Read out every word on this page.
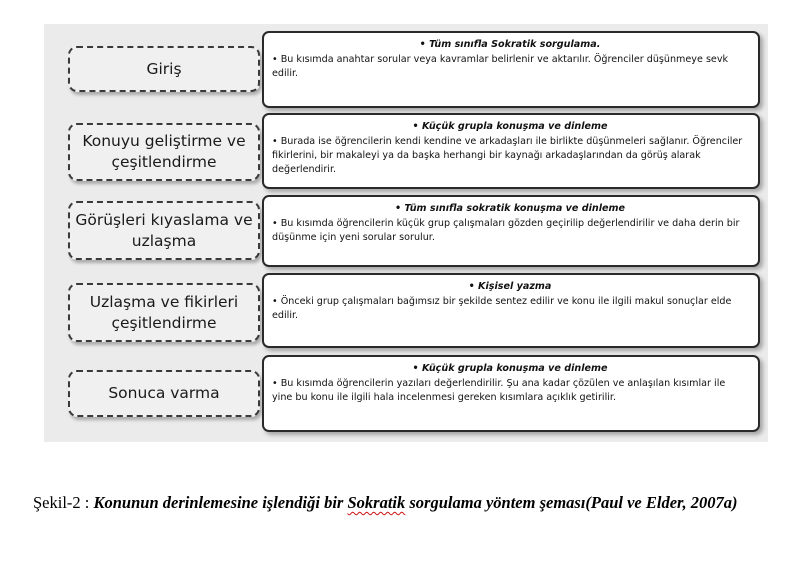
Giriş
• Tüm sınıfla Sokratik sorgulama.
• Bu kısımda anahtar sorular veya kavramlar belirlenir ve aktarılır. Öğrenciler düşünmeye sevk edilir.
Konuyu geliştirme ve çeşitlendirme
• Küçük grupla konuşma ve dinleme
• Burada ise öğrencilerin kendi kendine ve arkadaşları ile birlikte düşünmeleri sağlanır. Öğrenciler fikirlerini, bir makaleyi ya da başka herhangi bir kaynağı arkadaşlarından da görüş alarak değerlendirir.
Görüşleri kıyaslama ve uzlaşma
• Tüm sınıfla sokratik konuşma ve dinleme
• Bu kısımda öğrencilerin küçük grup çalışmaları gözden geçirilip değerlendirilir ve daha derin bir düşünme için yeni sorular sorulur.
Uzlaşma ve fikirleri çeşitlendirme
• Kişisel yazma
• Önceki grup çalışmaları bağımsız bir şekilde sentez edilir ve konu ile ilgili makul sonuçlar elde edilir.
Sonuca varma
• Küçük grupla konuşma ve dinleme
• Bu kısımda öğrencilerin yazıları değerlendirilir. Şu ana kadar çözülen ve anlaşılan kısımlar ile yine bu konu ile ilgili hala incelenmesi gereken kısımlara açıklık getirilir.
Şekil-2 : Konunun derinlemesine işlendiği bir Sokratik sorgulama yöntem şeması(Paul ve Elder, 2007a)
